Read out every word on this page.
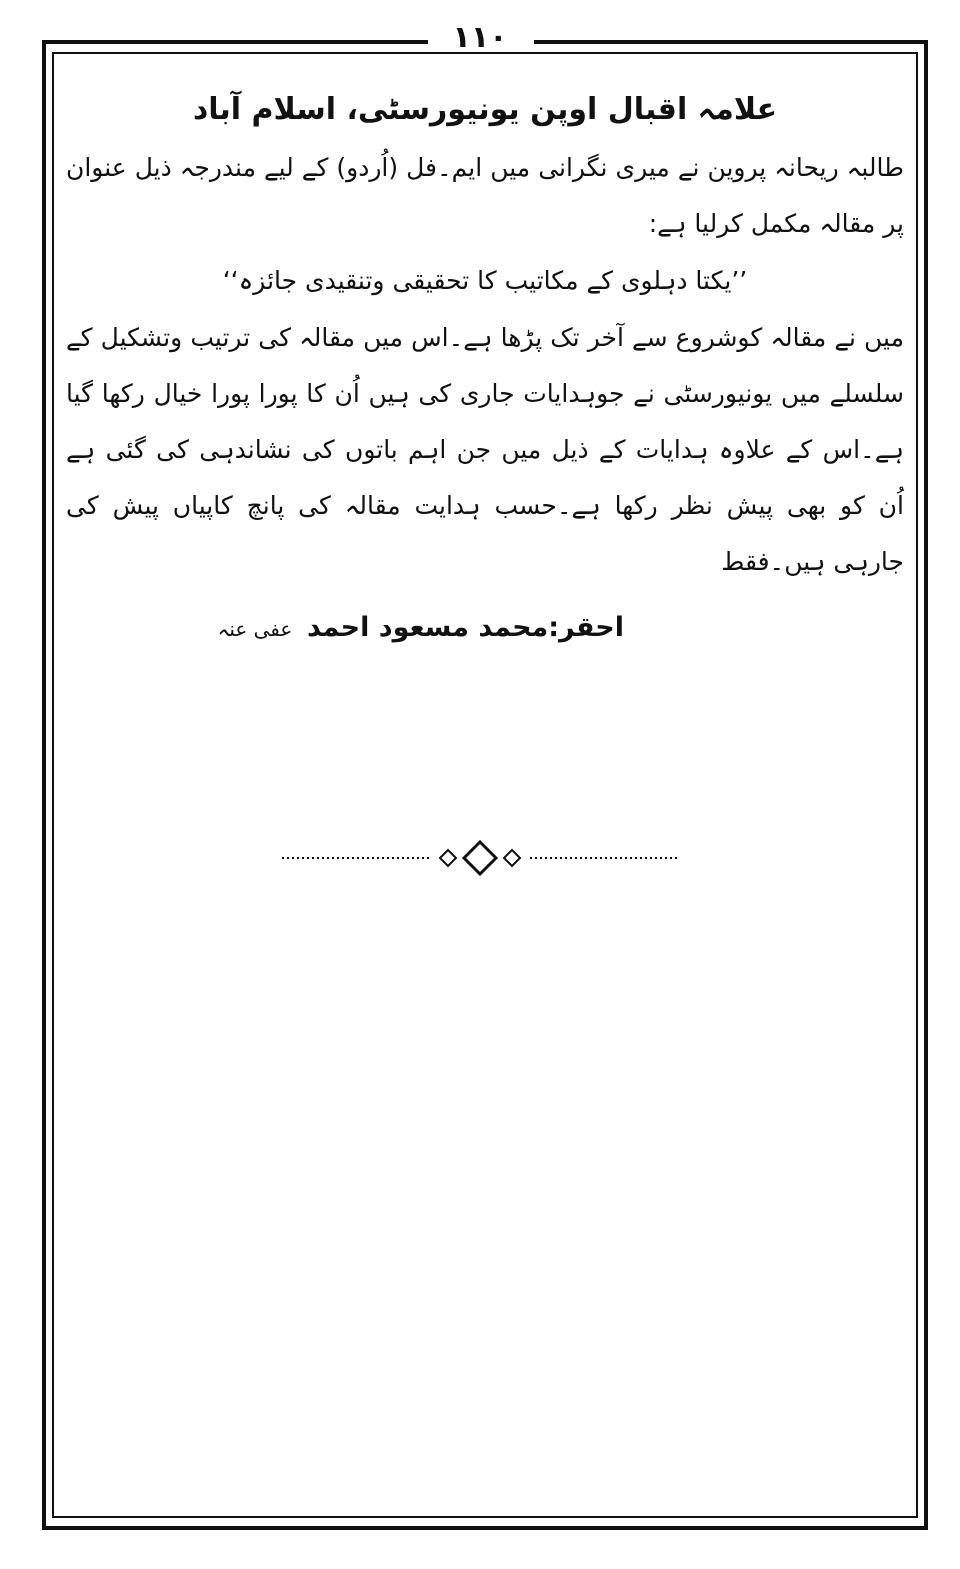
۱۱۰
علامہ اقبال اوپن یونیورسٹی، اسلام آباد

طالبہ ریحانہ پروین نے میری نگرانی میں ایم۔فل (اُردو) کے لیے مندرجہ ذیل عنوان پر مقالہ مکمل کرلیا ہے:

’’یکتا دہلوی کے مکاتیب کا تحقیقی وتنقیدی جائزہ‘‘

میں نے مقالہ کوشروع سے آخر تک پڑھا ہے۔اس میں مقالہ کی ترتیب وتشکیل کے سلسلے میں یونیورسٹی نے جوہدایات جاری کی ہیں اُن کا پورا پورا خیال رکھا گیا ہے۔اس کے علاوہ ہدایات کے ذیل میں جن اہم باتوں کی نشاندہی کی گئی ہے اُن کو بھی پیش نظر رکھا ہے۔حسب ہدایت مقالہ کی پانچ کاپیاں پیش کی جارہی ہیں۔فقط

احقر:محمد مسعود احمد عفی عنہ
